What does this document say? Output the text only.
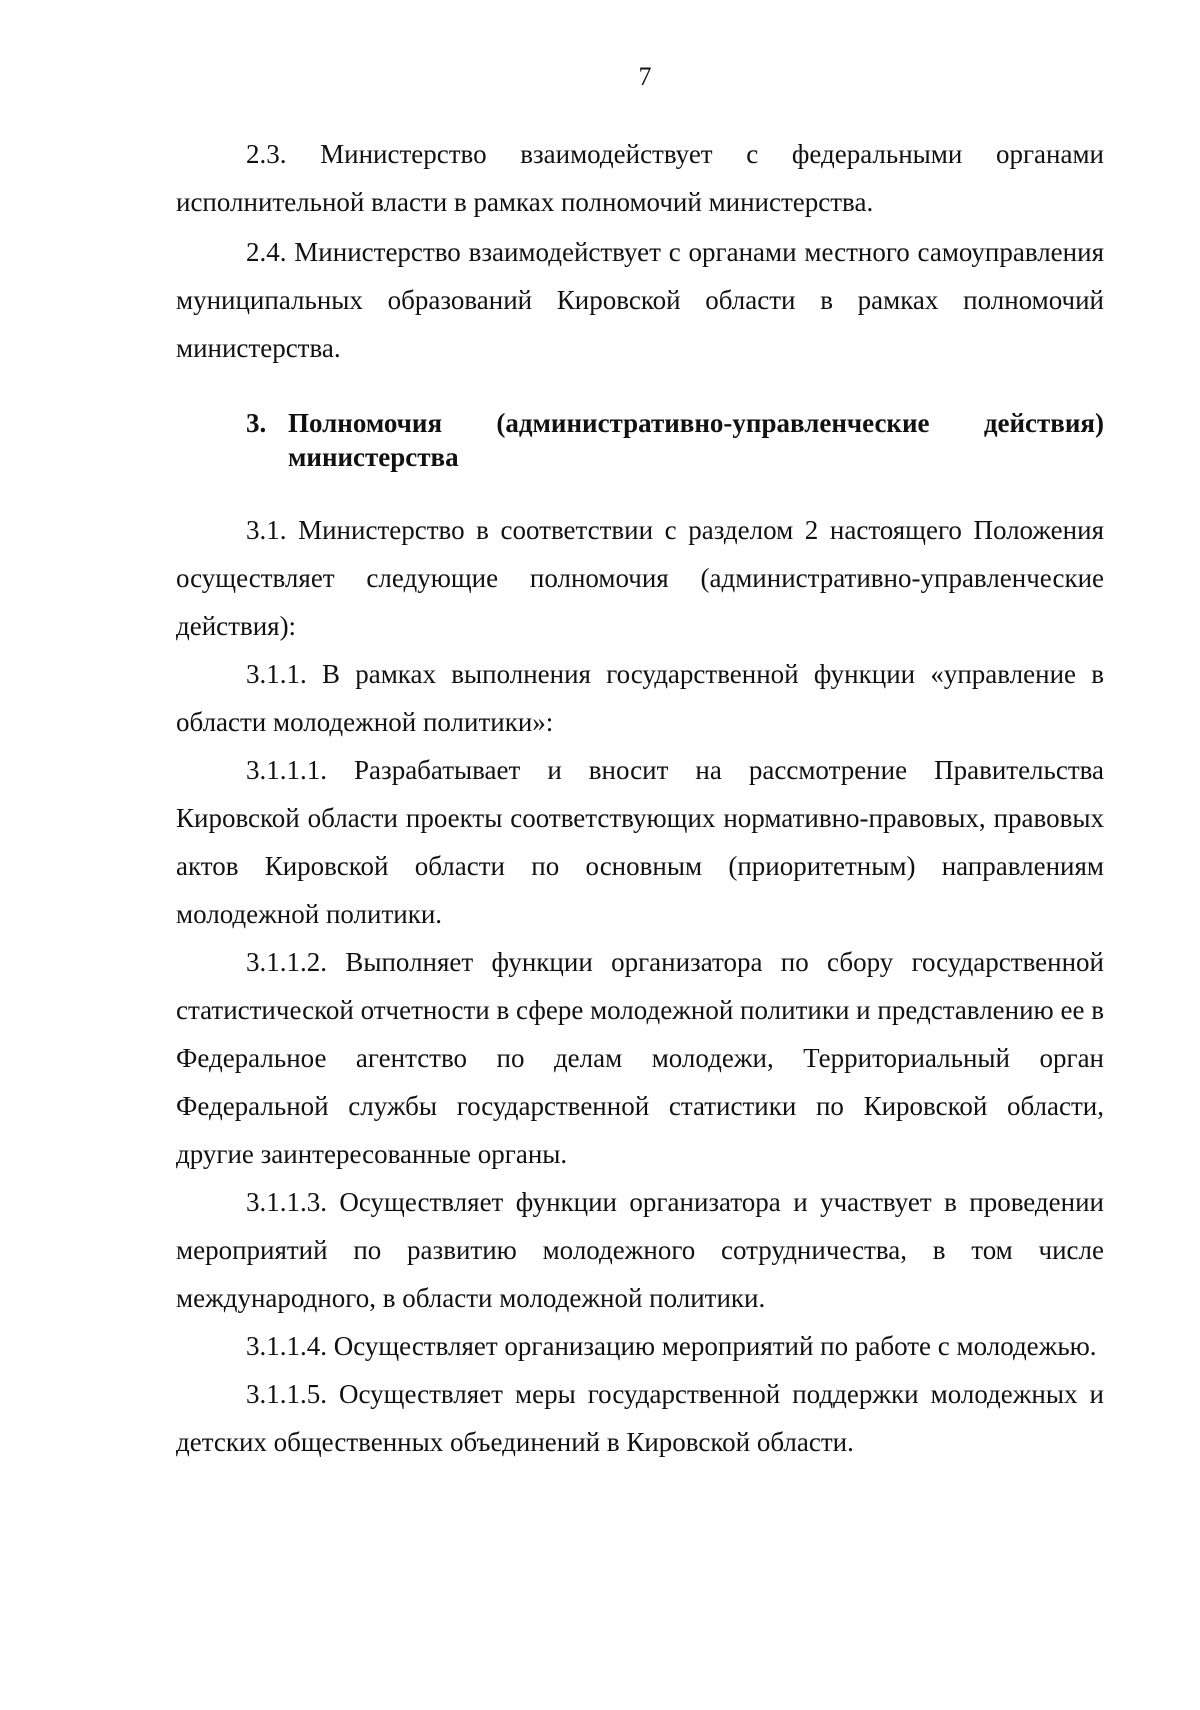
7

2.3. Министерство взаимодействует с федеральными органами исполнительной власти в рамках полномочий министерства.

2.4. Министерство взаимодействует с органами местного самоуправления муниципальных образований Кировской области в рамках полномочий министерства.

3. Полномочия (административно-управленческие действия) министерства

3.1. Министерство в соответствии с разделом 2 настоящего Положения осуществляет следующие полномочия (административно-управленческие действия):

3.1.1. В рамках выполнения государственной функции «управление в области молодежной политики»:

3.1.1.1. Разрабатывает и вносит на рассмотрение Правительства Кировской области проекты соответствующих нормативно-правовых, правовых актов Кировской области по основным (приоритетным) направлениям молодежной политики.

3.1.1.2. Выполняет функции организатора по сбору государственной статистической отчетности в сфере молодежной политики и представлению ее в Федеральное агентство по делам молодежи, Территориальный орган Федеральной службы государственной статистики по Кировской области, другие заинтересованные органы.

3.1.1.3. Осуществляет функции организатора и участвует в проведении мероприятий по развитию молодежного сотрудничества, в том числе международного, в области молодежной политики.

3.1.1.4. Осуществляет организацию мероприятий по работе с молодежью.

3.1.1.5. Осуществляет меры государственной поддержки молодежных и детских общественных объединений в Кировской области.
